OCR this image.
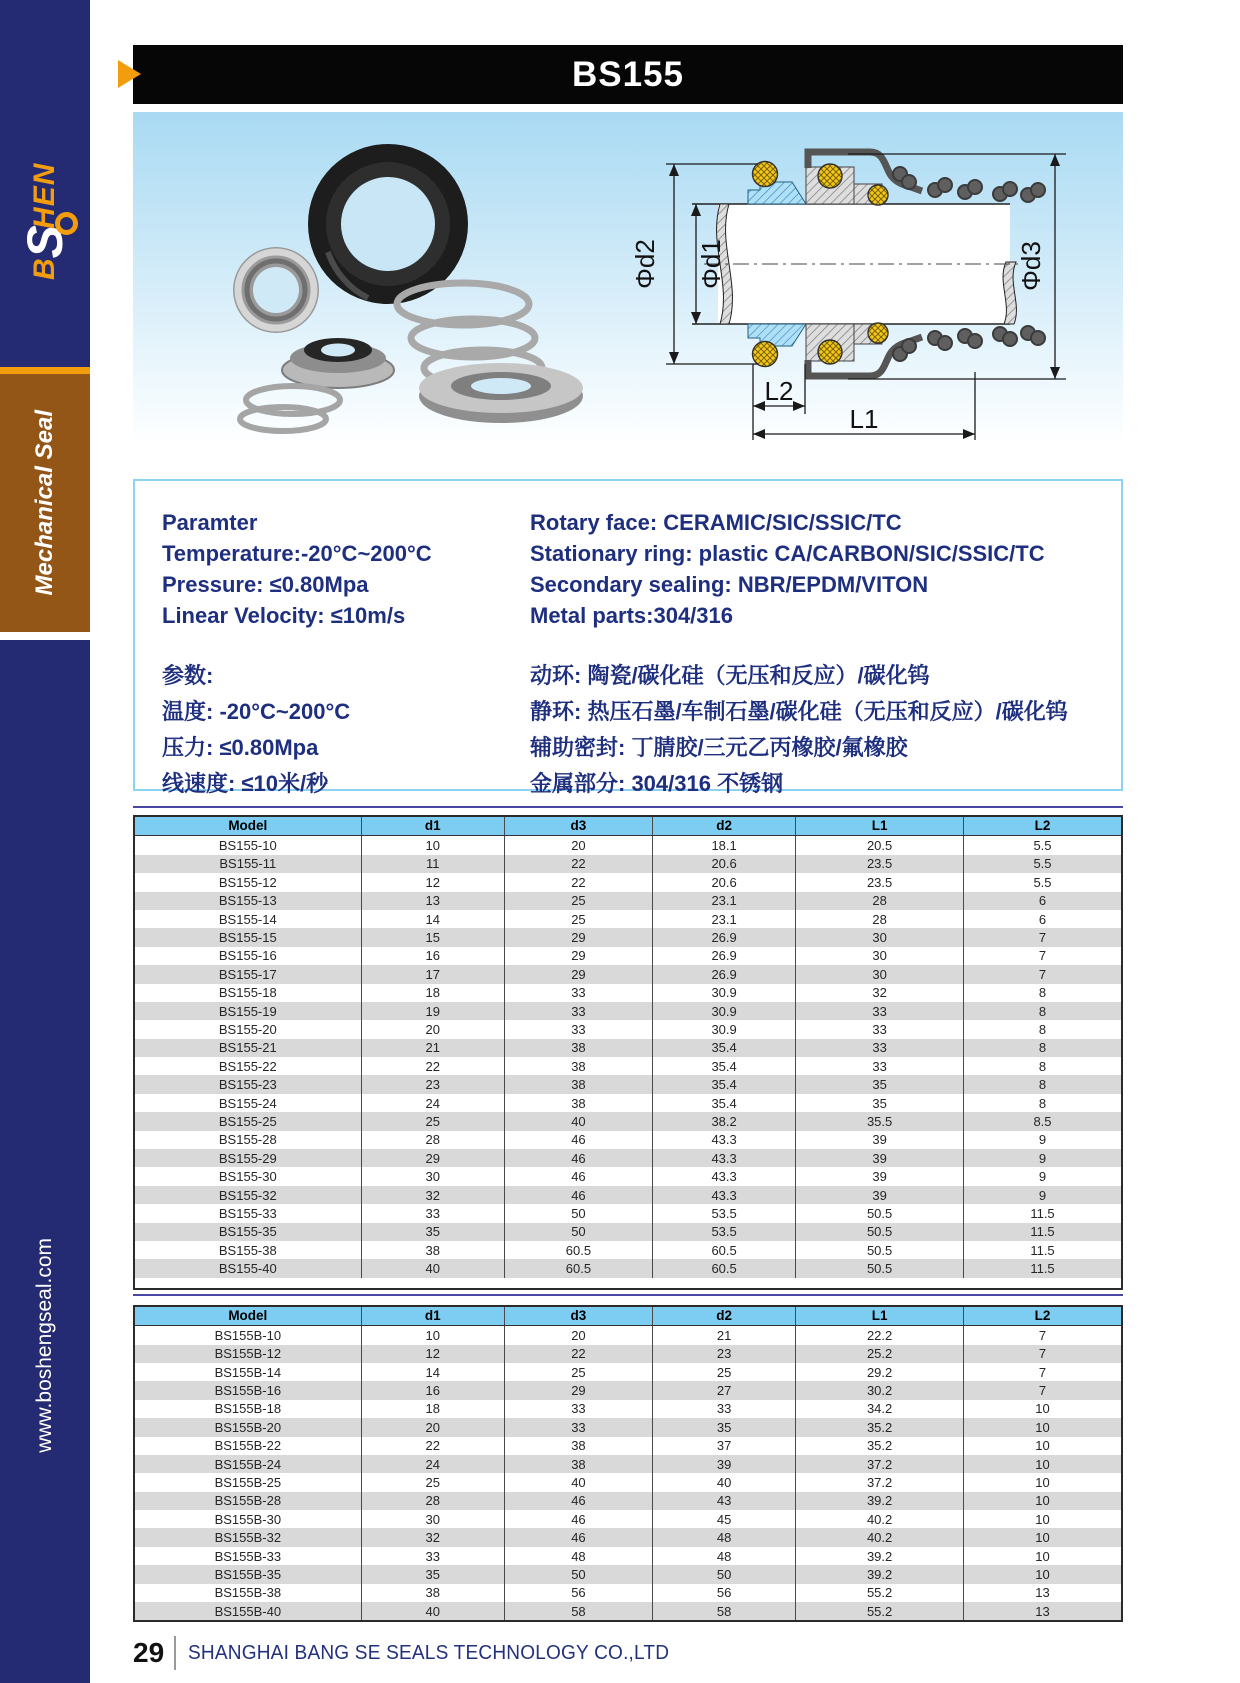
BSHEN
Mechanical Seal
www.boshengseal.com
BS155
Φd2 Φd1	Φd3
L2
L1
Paramter
Temperature:-20°C~200°C
Pressure: ≤0.80Mpa
Linear Velocity: ≤10m/s
参数:
温度: -20°C~200°C
压力: ≤0.80Mpa
线速度: ≤10米/秒
Rotary face: CERAMIC/SIC/SSIC/TC
Stationary ring: plastic CA/CARBON/SIC/SSIC/TC
Secondary sealing: NBR/EPDM/VITON
Metal parts:304/316
动环: 陶瓷/碳化硅（无压和反应）/碳化钨
静环: 热压石墨/车制石墨/碳化硅（无压和反应）/碳化钨
辅助密封: 丁腈胶/三元乙丙橡胶/氟橡胶
金属部分: 304/316 不锈钢
Model	d1	d3	d2	L1	L2
BS155-10	10	20	18.1	20.5	5.5
BS155-11	11	22	20.6	23.5	5.5
BS155-12	12	22	20.6	23.5	5.5
BS155-13	13	25	23.1	28	6
BS155-14	14	25	23.1	28	6
BS155-15	15	29	26.9	30	7
BS155-16	16	29	26.9	30	7
BS155-17	17	29	26.9	30	7
BS155-18	18	33	30.9	32	8
BS155-19	19	33	30.9	33	8
BS155-20	20	33	30.9	33	8
BS155-21	21	38	35.4	33	8
BS155-22	22	38	35.4	33	8
BS155-23	23	38	35.4	35	8
BS155-24	24	38	35.4	35	8
BS155-25	25	40	38.2	35.5	8.5
BS155-28	28	46	43.3	39	9
BS155-29	29	46	43.3	39	9
BS155-30	30	46	43.3	39	9
BS155-32	32	46	43.3	39	9
BS155-33	33	50	53.5	50.5	11.5
BS155-35	35	50	53.5	50.5	11.5
BS155-38	38	60.5	60.5	50.5	11.5
BS155-40	40	60.5	60.5	50.5	11.5

Model	d1	d3	d2	L1	L2
BS155B-10	10	20	21	22.2	7
BS155B-12	12	22	23	25.2	7
BS155B-14	14	25	25	29.2	7
BS155B-16	16	29	27	30.2	7
BS155B-18	18	33	33	34.2	10
BS155B-20	20	33	35	35.2	10
BS155B-22	22	38	37	35.2	10
BS155B-24	24	38	39	37.2	10
BS155B-25	25	40	40	37.2	10
BS155B-28	28	46	43	39.2	10
BS155B-30	30	46	45	40.2	10
BS155B-32	32	46	48	40.2	10
BS155B-33	33	48	48	39.2	10
BS155B-35	35	50	50	39.2	10
BS155B-38	38	56	56	55.2	13
BS155B-40	40	58	58	55.2	13
29 SHANGHAI BANG SE SEALS TECHNOLOGY CO.,LTD
